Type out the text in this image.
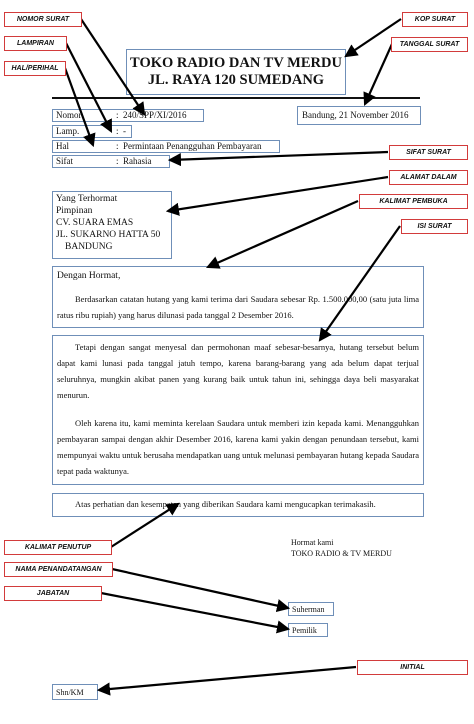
TOKO RADIO DAN TV MERDU
JL. RAYA 120 SUMEDANG
Nomor	: 240/SPP/XI/2016
Lamp.	: -
Hal	: Permintaan Penangguhan Pembayaran
Sifat	: Rahasia
Bandung, 21 November 2016
Yang Terhormat
Pimpinan
CV. SUARA EMAS
JL. SUKARNO HATTA 50
BANDUNG
Dengan Hormat,
Berdasarkan catatan hutang yang kami terima dari Saudara sebesar Rp. 1.500.000,00 (satu juta lima ratus ribu rupiah) yang harus dilunasi pada tanggal 2 Desember 2016.
Tetapi dengan sangat menyesal dan permohonan maaf sebesar-besarnya, hutang tersebut belum dapat kami lunasi pada tanggal jatuh tempo, karena barang-barang yang ada belum dapat terjual seluruhnya, mungkin akibat panen yang kurang baik untuk tahun ini, sehingga daya beli masyarakat menurun.
Oleh karena itu, kami meminta kerelaan Saudara untuk memberi izin kepada kami. Menangguhkan pembayaran sampai dengan akhir Desember 2016, karena kami yakin dengan penundaan tersebut, kami mempunyai waktu untuk berusaha mendapatkan uang untuk melunasi pembayaran hutang kepada Saudara tepat pada waktunya.
Atas perhatian dan kesempatan yang diberikan Saudara kami mengucapkan terimakasih.
Hormat kami
TOKO RADIO & TV MERDU
Suherman
Pemilik
Shn/KM
NOMOR SURAT
LAMPIRAN
HAL/PERIHAL
KOP SURAT
TANGGAL SURAT
SIFAT SURAT
ALAMAT DALAM
KALIMAT PEMBUKA
ISI SURAT
KALIMAT PENUTUP
NAMA PENANDATANGAN
JABATAN
INITIAL
